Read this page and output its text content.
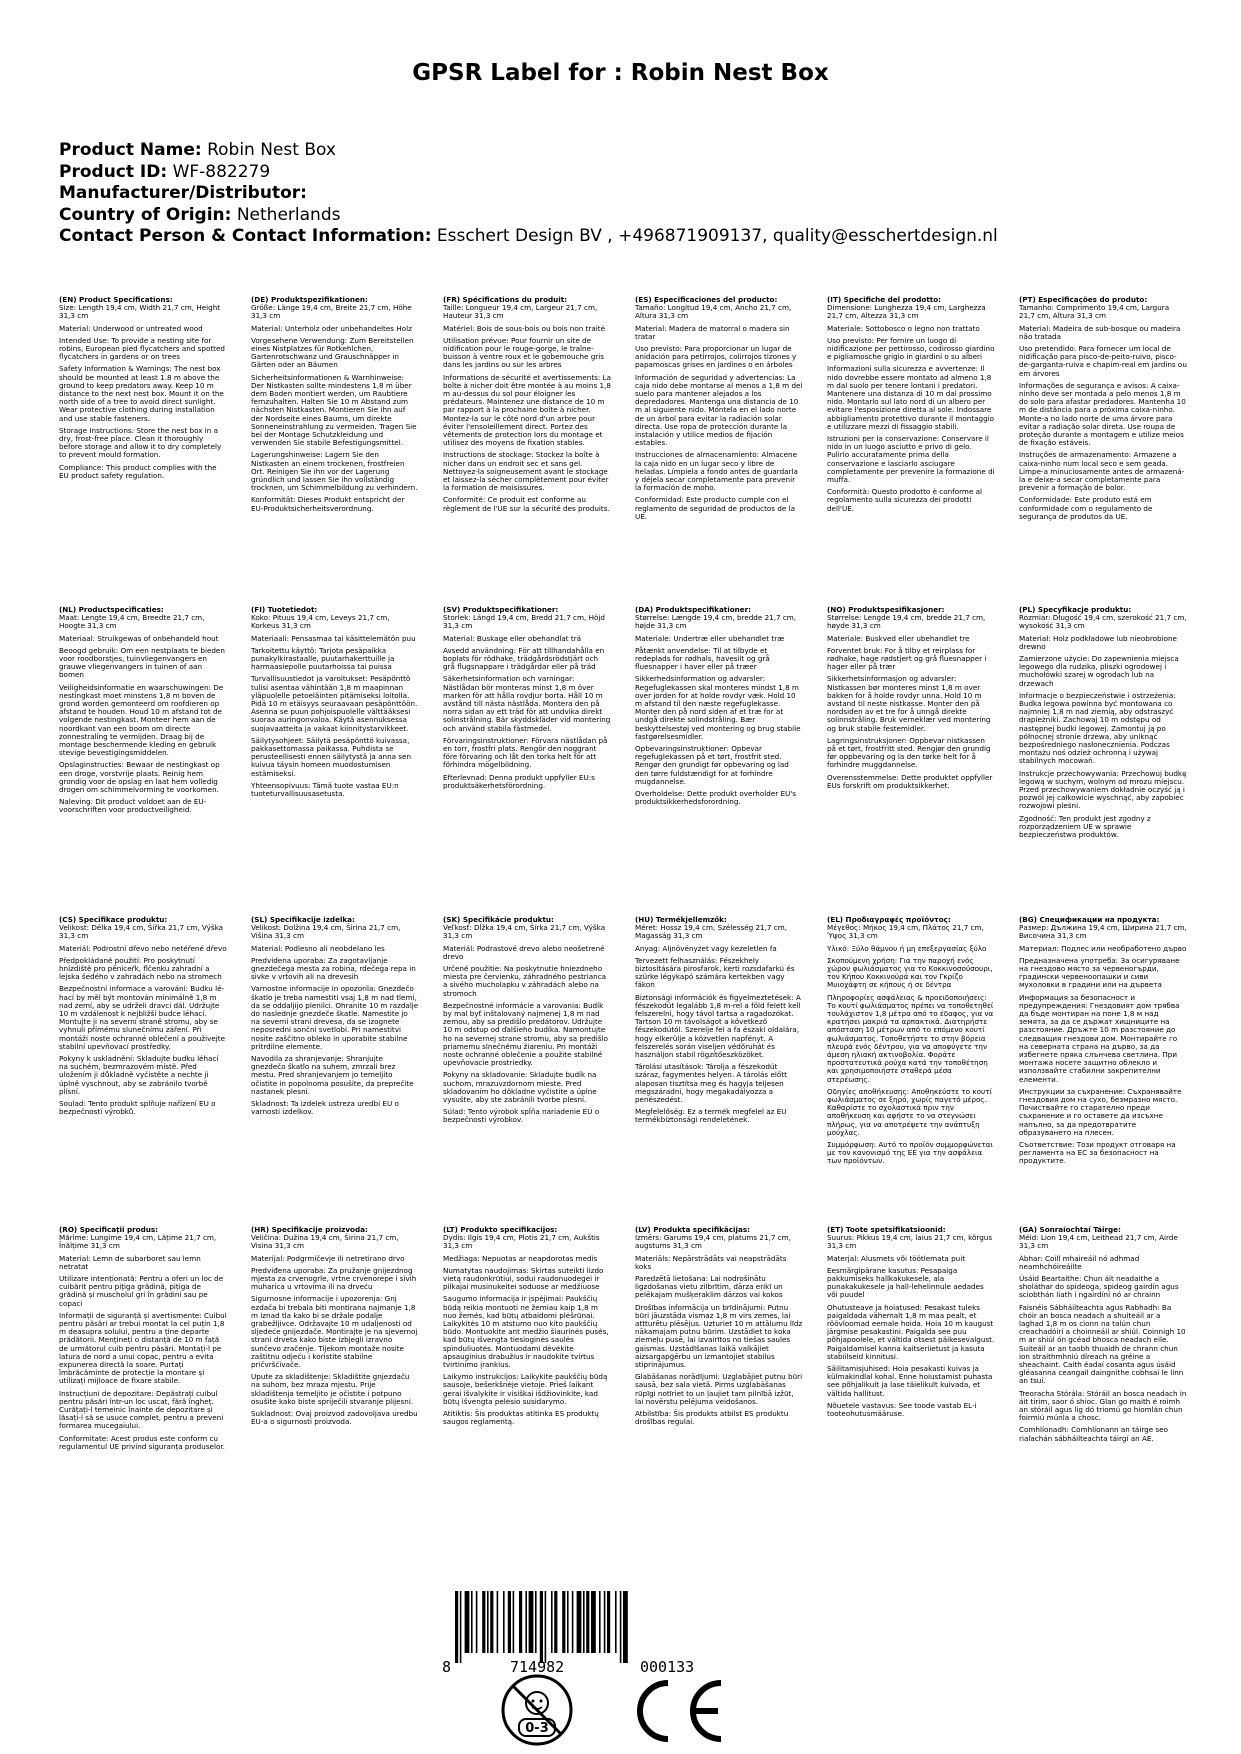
GPSR Label for : Robin Nest Box
Product Name: Robin Nest Box
Product ID: WF-882279
Manufacturer/Distributor:
Country of Origin: Netherlands
Contact Person & Contact Information: Esschert Design BV , +496871909137, quality@esschertdesign.nl

(EN) Product Specifications:

Size: Length 19,4 cm, Width 21,7 cm, Height 31,3 cm

Material: Underwood or untreated wood

Intended Use: To provide a nesting site for robins, European pied flycatchers and spotted flycatchers in gardens or on trees

Safety Information & Warnings: The nest box should be mounted at least 1.8 m above the ground to keep predators away. Keep 10 m distance to the next nest box. Mount it on the north side of a tree to avoid direct sunlight. Wear protective clothing during installation and use stable fasteners.

Storage Instructions: Store the nest box in a dry, frost-free place. Clean it thoroughly before storage and allow it to dry completely to prevent mould formation.

Compliance: This product complies with the EU product safety regulation.

(DE) Produktspezifikationen:

Größe: Länge 19,4 cm, Breite 21,7 cm, Höhe 31,3 cm

Material: Unterholz oder unbehandeltes Holz

Vorgesehene Verwendung: Zum Bereitstellen eines Nistplatzes für Rotkehlchen, Gartenrotschwanz und Grauschnäpper in Gärten oder an Bäumen

Sicherheitsinformationen & Warnhinweise: Der Nistkasten sollte mindestens 1,8 m über dem Boden montiert werden, um Raubtiere fernzuhalten. Halten Sie 10 m Abstand zum nächsten Nistkasten. Montieren Sie ihn auf der Nordseite eines Baums, um direkte Sonneneinstrahlung zu vermeiden. Tragen Sie bei der Montage Schutzkleidung und verwenden Sie stabile Befestigungsmittel.

Lagerungshinweise: Lagern Sie den Nistkasten an einem trockenen, frostfreien Ort. Reinigen Sie ihn vor der Lagerung gründlich und lassen Sie ihn vollständig trocknen, um Schimmelbildung zu verhindern.

Konformität: Dieses Produkt entspricht der EU-Produktsicherheitsverordnung.

(FR) Spécifications du produit:

Taille: Longueur 19,4 cm, Largeur 21,7 cm, Hauteur 31,3 cm

Matériel: Bois de sous-bois ou bois non traité

Utilisation prévue: Pour fournir un site de nidification pour le rouge-gorge, le traîne-buisson à ventre roux et le gobemouche gris dans les jardins ou sur les arbres

Informations de sécurité et avertissements: La boîte à nicher doit être montée à au moins 1,8 m au-dessus du sol pour éloigner les prédateurs. Maintenez une distance de 10 m par rapport à la prochaine boîte à nicher. Montez-la sur le côté nord d'un arbre pour éviter l'ensoleillement direct. Portez des vêtements de protection lors du montage et utilisez des moyens de fixation stables.

Instructions de stockage: Stockez la boîte à nicher dans un endroit sec et sans gel. Nettoyez-la soigneusement avant le stockage et laissez-la sécher complètement pour éviter la formation de moisissures.

Conformité: Ce produit est conforme au règlement de l'UE sur la sécurité des produits.

(ES) Especificaciones del producto:

Tamaño: Longitud 19,4 cm, Ancho 21,7 cm, Altura 31,3 cm

Material: Madera de matorral o madera sin tratar

Uso previsto: Para proporcionar un lugar de anidación para petirrojos, colirrojos tizones y papamoscas grises en jardines o en árboles

Información de seguridad y advertencias: La caja nido debe montarse al menos a 1,8 m del suelo para mantener alejados a los depredadores. Mantenga una distancia de 10 m al siguiente nido. Móntela en el lado norte de un árbol para evitar la radiación solar directa. Use ropa de protección durante la instalación y utilice medios de fijación estables.

Instrucciones de almacenamiento: Almacene la caja nido en un lugar seco y libre de heladas. Límpiela a fondo antes de guardarla y déjela secar completamente para prevenir la formación de moho.

Conformidad: Este producto cumple con el reglamento de seguridad de productos de la UE.

(IT) Specifiche del prodotto:

Dimensione: Lunghezza 19,4 cm, Larghezza 21,7 cm, Altezza 31,3 cm

Materiale: Sottobosco o legno non trattato

Uso previsto: Per fornire un luogo di nidificazione per pettirosso, codirosso giardino e pigliamosche grigio in giardini o su alberi

Informazioni sulla sicurezza e avvertenze: Il nido dovrebbe essere montato ad almeno 1,8 m dal suolo per tenere lontani i predatori. Mantenere una distanza di 10 m dal prossimo nido. Montarlo sul lato nord di un albero per evitare l'esposizione diretta al sole. Indossare abbigliamento protettivo durante il montaggio e utilizzare mezzi di fissaggio stabili.

Istruzioni per la conservazione: Conservare il nido in un luogo asciutto e privo di gelo. Pulirlo accuratamente prima della conservazione e lasciarlo asciugare completamente per prevenire la formazione di muffa.

Conformità: Questo prodotto è conforme al regolamento sulla sicurezza dei prodotti dell'UE.

(PT) Especificações do produto:

Tamanho: Comprimento 19,4 cm, Largura 21,7 cm, Altura 31,3 cm

Material: Madeira de sub-bosque ou madeira não tratada

Uso pretendido: Para fornecer um local de nidificação para pisco-de-peito-ruivo, pisco-de-garganta-ruiva e chapim-real em jardins ou em árvores

Informações de segurança e avisos: A caixa-ninho deve ser montada a pelo menos 1,8 m do solo para afastar predadores. Mantenha 10 m de distância para a próxima caixa-ninho. Monte-a no lado norte de uma árvore para evitar a radiação solar direta. Use roupa de proteção durante a montagem e utilize meios de fixação estáveis.

Instruções de armazenamento: Armazene a caixa-ninho num local seco e sem geada. Limpe-a minuciosamente antes de armazená-la e deixe-a secar completamente para prevenir a formação de bolor.

Conformidade: Este produto está em conformidade com o regulamento de segurança de produtos da UE.

(NL) Productspecificaties:

Maat: Lengte 19,4 cm, Breedte 21,7 cm, Hoogte 31,3 cm

Materiaal: Struikgewas of onbehandeld hout

Beoogd gebruik: Om een nestplaats te bieden voor roodborstjes, tuinvliegenvangers en grauwe vliegenvangers in tuinen of aan bomen

Veiligheidsinformatie en waarschuwingen: De nestingkast moet minstens 1,8 m boven de grond worden gemonteerd om roofdieren op afstand te houden. Houd 10 m afstand tot de volgende nestingkast. Monteer hem aan de noordkant van een boom om directe zonnestraling te vermijden. Draag bij de montage beschermende kleding en gebruik stevige bevestigingsmiddelen.

Opslaginstructies: Bewaar de nestingkast op een droge, vorstvrije plaats. Reinig hem grondig voor de opslag en laat hem volledig drogen om schimmelvorming te voorkomen.

Naleving: Dit product voldoet aan de EU-voorschriften voor productveiligheid.

(FI) Tuotetiedot:

Koko: Pituus 19,4 cm, Leveys 21,7 cm, Korkeus 31,3 cm

Materiaali: Pensasmaa tai käsittelemätön puu

Tarkoitettu käyttö: Tarjota pesäpaikka punakylkirastaalle, puutarhakerttuille ja harmaasiepolle puutarhoissa tai puissa

Turvallisuustiedot ja varoitukset: Pesäpönttö tulisi asentaa vähintään 1,8 m maapinnan yläpuolelle petoeläinten pitämiseksi loitolla. Pidä 10 m etäisyys seuraavaan pesäpönttöön. Asenna se puun pohjoispuolelle välttääksesi suoraa auringonvaloa. Käytä asennuksessa suojavaatteita ja vakaat kiinnitystarvikkeet.

Säilytysohjeet: Säilytä pesäpönttö kuivassa, pakkasettomassa paikassa. Puhdista se perusteellisesti ennen säilytystä ja anna sen kuivua täysin homeen muodostumisen estämiseksi.

Yhteensopivuus: Tämä tuote vastaa EU:n tuoteturvallisuusasetusta.

(SV) Produktspecifikationer:

Storlek: Längd 19,4 cm, Bredd 21,7 cm, Höjd 31,3 cm

Material: Buskage eller obehandlat trä

Avsedd användning: För att tillhandahålla en boplats för rödhake, trädgårdsrödstjärt och grå flugsnappare i trädgårdar eller på träd

Säkerhetsinformation och varningar: Nästlådan bör monteras minst 1,8 m över marken för att hålla rovdjur borta. Håll 10 m avstånd till nästa nästlåda. Montera den på norra sidan av ett träd för att undvika direkt solinstrålning. Bär skyddskläder vid montering och använd stabila fästmedel.

Förvaringsinstruktioner: Förvara nästlådan på en torr, frostfri plats. Rengör den noggrant före förvaring och låt den torka helt för att förhindra mögelbildning.

Efterlevnad: Denna produkt uppfyller EU:s produktsäkerhetsförordning.

(DA) Produktspecifikationer:

Størrelse: Længde 19,4 cm, bredde 21,7 cm, højde 31,3 cm

Materiale: Undertræ eller ubehandlet træ

Påtænkt anvendelse: Til at tilbyde et redeplads for rødhals, havesilt og grå fluesnapper i haver eller på træer

Sikkerhedsinformation og advarsler: Regefuglekassen skal monteres mindst 1,8 m over jorden for at holde rovdyr væk. Hold 10 m afstand til den næste regefuglekasse. Monter den på nord siden af et træ for at undgå direkte solindstråling. Bær beskyttelsestøj ved montering og brug stabile fastgørelsesmidler.

Opbevaringsinstruktioner: Opbevar regefuglekassen på et tørt, frostfrit sted. Rengør den grundigt før opbevaring og lad den tørre fuldstændigt for at forhindre mugdannelse.

Overholdelse: Dette produkt overholder EU's produktsikkerhedsforordning.

(NO) Produktspesifikasjoner:

Størrelse: Lengde 19,4 cm, bredde 21,7 cm, høyde 31,3 cm

Materiale: Buskved eller ubehandlet tre

Forventet bruk: For å tilby et reirplass for rødhake, hage rødstjert og grå fluesnapper i hager eller på trær

Sikkerhetsinformasjon og advarsler: Nistkassen bør monteres minst 1,8 m over bakken for å holde rovdyr unna. Hold 10 m avstand til neste nistkasse. Monter den på nordsiden av et tre for å unngå direkte solinnstråling. Bruk verneklær ved montering og bruk stabile festemidler.

Lagringsinstruksjoner: Oppbevar nistkassen på et tørt, frostfritt sted. Rengjør den grundig før oppbevaring og la den tørke helt for å forhindre muggdannelse.

Overensstemmelse: Dette produktet oppfyller EUs forskrift om produktsikkerhet.

(PL) Specyfikacje produktu:

Rozmiar: Długość 19,4 cm, szerokość 21,7 cm, wysokość 31,3 cm

Materiał: Holz podkładowe lub nieobrobione drewno

Zamierzone użycie: Do zapewnienia miejsca legowego dla rudzika, pliszki ogrodowej i muchołówki szarej w ogrodach lub na drzewach

Informacje o bezpieczeństwie i ostrzeżenia: Budka legowa powinna być montowana co najmniej 1,8 m nad ziemią, aby odstraszyć drapieżniki. Zachowaj 10 m odstępu od następnej budki legowej. Zamontuj ją po północnej stronie drzewa, aby uniknąć bezpośredniego nasłonecznienia. Podczas montażu noś odzież ochronną i używaj stabilnych mocowań.

Instrukcje przechowywania: Przechowuj budkę legową w suchym, wolnym od mrozu miejscu. Przed przechowywaniem dokładnie oczyść ją i pozwól jej całkowicie wyschnąć, aby zapobiec rozwojowi pleśni.

Zgodność: Ten produkt jest zgodny z rozporządzeniem UE w sprawie bezpieczeństwa produktów.

(CS) Specifikace produktu:

Velikost: Délka 19,4 cm, Šířka 21,7 cm, Výška 31,3 cm

Materiál: Podrostní dřevo nebo netéřené dřevo

Předpokládané použití: Pro poskytnutí hnízdiště pro pěniceřk, flčenku zahradní a lejska šedého v zahradách nebo na stromech

Bezpečnostní informace a varování: Budku léhací by měl být montován minimálně 1,8 m nad zemí, aby se udrželi dravci dál. Udržujte 10 m vzdálenost k nejbližší budce léhací. Montujte ji na severní straně stromu, aby se vyhnuli přímému slunečnímu záření. Při montáži noste ochranné oblečení a použivejte stabilní upevňovací prostředky.

Pokyny k uskladnění: Skladujte budku léhací na suchém, bezmrazovém místě. Před uložením ji důkladně vyčistěte a nechte ji úplně vyschnout, aby se zabránilo tvorbě plísní.

Soulad: Tento produkt splňuje nařízení EU o bezpečnosti výrobků.

(SL) Specifikacije izdelka:

Velikost: Dolžina 19,4 cm, Širina 21,7 cm, Višina 31,3 cm

Material: Podlesno ali neobdelano les

Predvidena uporaba: Za zagotavljanje gnezdečega mesta za robina, rdečega repa in sivke v vrtovih ali na drevesih

Varnostne informacije in opozorila: Gnezdečo škatlo je treba namestiti vsaj 1,8 m nad tlemi, da se oddaljijo plenilci. Ohranite 10 m razdalje do naslednje gnezdeče škatle. Namestite jo na severni strani drevesa, da se izognete neposredni sončni svetlobi. Pri namestitvi nosite zaščitno obleko in uporabite stabilne pritrdilne elemente.

Navodila za shranjevanje: Shranjujte gnezdečo škatlo na suhem, zmrzali brez mestu. Pred shranjevanjem jo temeljito očistite in popolnoma posušite, da preprečite nastanek plesni.

Skladnost: Ta izdelek ustreza uredbi EU o varnosti izdelkov.

(SK) Špecifikácie produktu:

Veľkosť: Dĺžka 19,4 cm, Šírka 21,7 cm, Výška 31,3 cm

Materiál: Podrastové drevo alebo neošetrené drevo

Určené použitie: Na poskytnutie hniezdneho miesta pre červienku, záhradného pestrianca a sivého mucholapku v záhradách alebo na stromoch

Bezpečnostné informácie a varovania: Budík by mal byť inštalovaný najmenej 1,8 m nad zemou, aby sa predišlo predátorov. Udržujte 10 m odstup od ďalšieho budíka. Namontujte ho na severnej strane stromu, aby sa predišlo priamemu slnečnému žiareniu. Pri montáži noste ochranné oblečenie a použite stabilné upevňovacie prostriedky.

Pokyny na skladovanie: Skladujte budík na suchom, mrazuvzdornom mieste. Pred skladovaním ho dôkladne vyčistite a úplne vysušte, aby ste zabránili tvorbe plesní.

Súlad: Tento výrobok spĺňa nariadenie EÚ o bezpečnosti výrobkov.

(HU) Termékjellemzők:

Méret: Hossz 19,4 cm, Szélesség 21,7 cm, Magasság 31,3 cm

Anyag: Aljnövényzet vagy kezeletlen fa

Tervezett felhasználás: Fészekhely biztosítására pirosfarok, kerti rozsdafarkú és szürke légykapó számára kertekben vagy fákon

Biztonsági információk és figyelmeztetések: A fészekodút legalább 1,8 m-rel a föld felett kell felszerelni, hogy távol tartsa a ragadozókat. Tartson 10 m távolságot a következő fészekodútól. Szerelje fel a fa északi oldalára, hogy elkerülje a közvetlen napfényt. A felszerelés során viseljen védőruhát és használjon stabil rögzítőeszközöket.

Tárolási utasítások: Tárolja a fészekodút száraz, fagymentes helyen. A tárolás előtt alaposan tisztítsa meg és hagyja teljesen megszáradni, hogy megakadályozza a penészedést.

Megfelelőség: Ez a termék megfelel az EU termékbiztonsági rendeletének.

(EL) Προδιαγραφές προϊόντος:

Μέγεθος: Μήκος 19,4 cm, Πλάτος 21,7 cm, Ύψος 31,3 cm

Υλικό: Ξύλο θάμνου ή μη επεξεργασίας ξύλο

Σκοπούμενη χρήση: Για την παροχή ενός χώρου φωλιάσματος για το Κοκκινοσούσουρι, τον Κήπου Κοκκινούρά και τον Γκρίζο Μυιοχάφτη σε κήπους ή σε δέντρα

Πληροφορίες ασφάλειας & προειδοποιήσεις: Το κουτί φωλιάσματος πρέπει να τοποθετηθεί τουλάχιστον 1,8 μέτρα από το έδαφος, για να κρατήσει μακριά τα αρπακτικά. Διατηρήστε απόσταση 10 μέτρων από το επόμενο κουτί φωλιάσματος. Τοποθετήστε το στην βόρεια πλευρά ενός δέντρου, για να αποφύγετε την άμεση ηλιακή ακτινοβολία. Φοράτε προστατευτικά ρούχα κατά την τοποθέτηση και χρησιμοποιήστε σταθερά μέσα στερέωσης.

Οδηγίες αποθήκευσης: Αποθηκεύστε το κουτί φωλιάσματος σε ξηρό, χωρίς παγετό μέρος. Καθαρίστε το σχολαστικά πριν την αποθήκευση και αφήστε το να στεγνώσει πλήρως, για να αποτρέψετε την ανάπτυξη μούχλας.

Συμμόρφωση: Αυτό το προϊόν συμμορφώνεται με τον κανονισμό της ΕΕ για την ασφάλεια των προϊόντων.

(BG) Спецификации на продукта:

Размер: Дължина 19,4 cm, Ширина 21,7 cm, Височина 31,3 cm

Материал: Подлес или необработено дърво

Предназначена употреба: За осигуряване на гнездово място за червеногърди, градински червеноопашки и сиви мухоловки в градини или на дървета

Информация за безопасност и предупреждения: Гнездовият дом трябва да бъде монтиран на поне 1,8 м над земята, за да се държат хищниците на разстояние. Дръжте 10 m разстояние до следващия гнездови дом. Монтирайте го на северната страна на дърво, за да избегнете пряка слънчева светлина. При монтажа носете защитно облекло и използвайте стабилни закрепителни елементи.

Инструкции за съхранение: Съхранявайте гнездовия дом на сухо, безмразно място. Почиствайте го старателно преди съхранение и го оставете да изсъхне напълно, за да предотвратите образуването на плесен.

Съответствие: Този продукт отговаря на регламента на ЕС за безопасност на продуктите.

(RO) Specificații produs:

Mărime: Lungime 19,4 cm, Lățime 21,7 cm, Înălțime 31,3 cm

Material: Lemn de subarboret sau lemn netratat

Utilizare intenționată: Pentru a oferi un loc de cuibărit pentru pițiga grădină, pițiga de grădină și muscholul gri în grădini sau pe copaci

Informații de siguranță și avertismente: Cuibul pentru păsări ar trebui montat la cel puțin 1,8 m deasupra solului, pentru a ține departe prădătorii. Mențineți o distanță de 10 m față de următorul cuib pentru păsări. Montați-l pe latura de nord a unui copac, pentru a evita expunerea directă la soare. Purtați îmbrăcăminte de protecție la montare și utilizați mijloace de fixare stabile.

Instrucțiuni de depozitare: Depăstrați cuibul pentru păsări într-un loc uscat, fără îngheț. Curățați-l temeinic înainte de depozitare și lăsați-l să se usuce complet, pentru a preveni formarea mucegaiului.

Conformitate: Acest produs este conform cu regulamentul UE privind siguranța produselor.

(HR) Specifikacije proizvoda:

Veličina: Dužina 19,4 cm, Širina 21,7 cm, Visina 31,3 cm

Materijal: Podgrmičevje ili netretirano drvo

Predviđena uporaba: Za pružanje gnijezdnog mjesta za crvenogrle, vrtne crvenorepe i sivih muharica u vrtovima ili na drveću

Sigurnosne informacije i upozorenja: Gnj ezdača bi trebala biti montirana najmanje 1,8 m iznad tla kako bi se držale podalje grabežljivce. Održavajte 10 m udaljenosti od sljedeće gnijezdače. Montirajte je na sjevernoj strani drveta kako biste izbjegli izravno sunčevo zračenje. Tijekom montaže nosite zaštitnu odjeću i koristite stabilne pričvršćivače.

Upute za skladištenje: Skladištite gnjezdaču na suhom, bez mraza mjestu. Prije skladištenja temeljito je očistite i potpuno osušite kako biste spriječili stvaranje plijesni.

Sukladnost: Ovaj proizvod zadovoljava uredbu EU-a o sigurnosti proizvoda.

(LT) Produkto specifikacijos:

Dydis: Ilgis 19,4 cm, Plotis 21,7 cm, Aukštis 31,3 cm

Medžiaga: Nepuotas ar neapdorotas medis

Numatytas naudojimas: Skirtas suteikti lizdo vietą raudonkrūtiui, sodui raudonuodegei ir pilkajai musinukeitei soduose ar medžiuose

Saugumo informacija ir įspėjimai: Paukščių būdą reikia montuoti ne žemiau kaip 1,8 m nuo žemės, kad būtų atbaidomi plėšrūnai. Laikykitės 10 m atstumo nuo kito paukščių būdo. Montuokite ant medžio šiaurinės pusės, kad būtų išvengta tiesioginės saulės spinduliuotės. Montuodami dėvėkite apsauginius drabužius ir naudokite tvirtus tvirtinimo įrankius.

Laikymo instrukcijos: Laikykite paukščių būdą sausoje, bešerkšnėje vietoje. Prieš laikant gerai išvalykite ir visiškai išdžiovinkite, kad būtų išvengta pelėsio susidarymo.

Atitiktis: Šis produktas atitinka ES produktų saugos reglamentą.

(LV) Produkta specifikācijas:

Izmērs: Garums 19,4 cm, platums 21,7 cm, augstums 31,3 cm

Materiāls: Nepārstrādāts vai neapstrādāts koks

Paredzētā lietošana: Lai nodrošinātu ligzdošanas vietu zilbrītim, dārza erikī un pelēkajam mušķeraklim dārzos vai kokos

Drošības informācija un brīdinājumi: Putnu būri jāuzstāda vismaz 1,8 m virs zemes, lai attturētu plēsējus. Uzturiet 10 m attālumu līdz nākamajam putnu būrim. Uzstādiet to koka ziemeļu pusē, lai izvairītos no tiešas saules gaismas. Uzstādīšanas laikā valkājiet aizsargapģērbu un izmantojiet stabilus stiprinājumus.

Glabāšanas norādījumi: Uzglabājiet putnu būri sausā, bez sala vietā. Pirms uzglabāšanas rūpīgi notīriet to un ļaujiet tam pilnībā izžūt, lai novērstu pelējuma veidošanos.

Atbilstība: Šis produkts atbilst ES produktu drošības regulai.

(ET) Toote spetsifikatsioonid:

Suurus: Pikkus 19,4 cm, laius 21,7 cm, kõrgus 31,3 cm

Materjal: Alusmets või töötlemata puit

Eesmärgipärane kasutus: Pesapaiga pakkumiseks hallkakukesele, ala punakakukesele ja hall-lehelinnule aedades või puudel

Ohutusteave ja hoiatused: Pesakast tuleks paigaldada vähemalt 1,8 m maa pealt, et röövloomad eemale hoida. Hoia 10 m kaugust järgmise pesakastini. Paigalda see puu põhjapoolele, et vältida otsest päikesevalgust. Paigaldamisel kanna kaitseriietust ja kasuta stabiilseid kinnitusi.

Säilitamisjuhised: Hoia pesakasti kuivas ja külmakindlal kohal. Enne hoiustamist puhasta see põhjalikult ja lase täielikult kuivada, et vältida hallitust.

Nõuetele vastavus: See toode vastab EL-i tooteohutusmääruse.

(GA) Sonraíochtaí Táirge:

Méid: Lion 19,4 cm, Leithead 21,7 cm, Airde 31,3 cm

Ábhar: Coill mhaireáil nó adhmad neamhchóireáilte

Úsáid Beartaithe: Chun áit neadaithe a sholáthar do spideoga, spideog gairdín agus sciobthán liath i ngairdíní nó ar chrainn

Faisnéis Sábháilteachta agus Rabhadh: Ba chóir an bosca neadach a shuiteáil ar a laghad 1,8 m os cionn na talún chun creachadóirí a choinneáil ar shiúl. Coinnigh 10 m ar shiúl ón gcéad bhosca neadach eile. Suiteáil ar an taobh thuaidh de chrann chun ion straithmhniú díreach na gréine a sheachaint. Caith éadaí cosanta agus úsáid gléasanna ceangail daingnithe cobhsaí le linn an tsuí.

Treoracha Stórála: Stóráil an bosca neadach in áit tirim, saor ó shioc. Glan go maith é roimh an stóráil agus lig dó triomú go hiomlán chun foirmiú múnla a chosc.

Comhlíonadh: Comhlíonann an táirge seo rialachán sábháilteachta táirgí an AE.

8	714982	000133
0-3
